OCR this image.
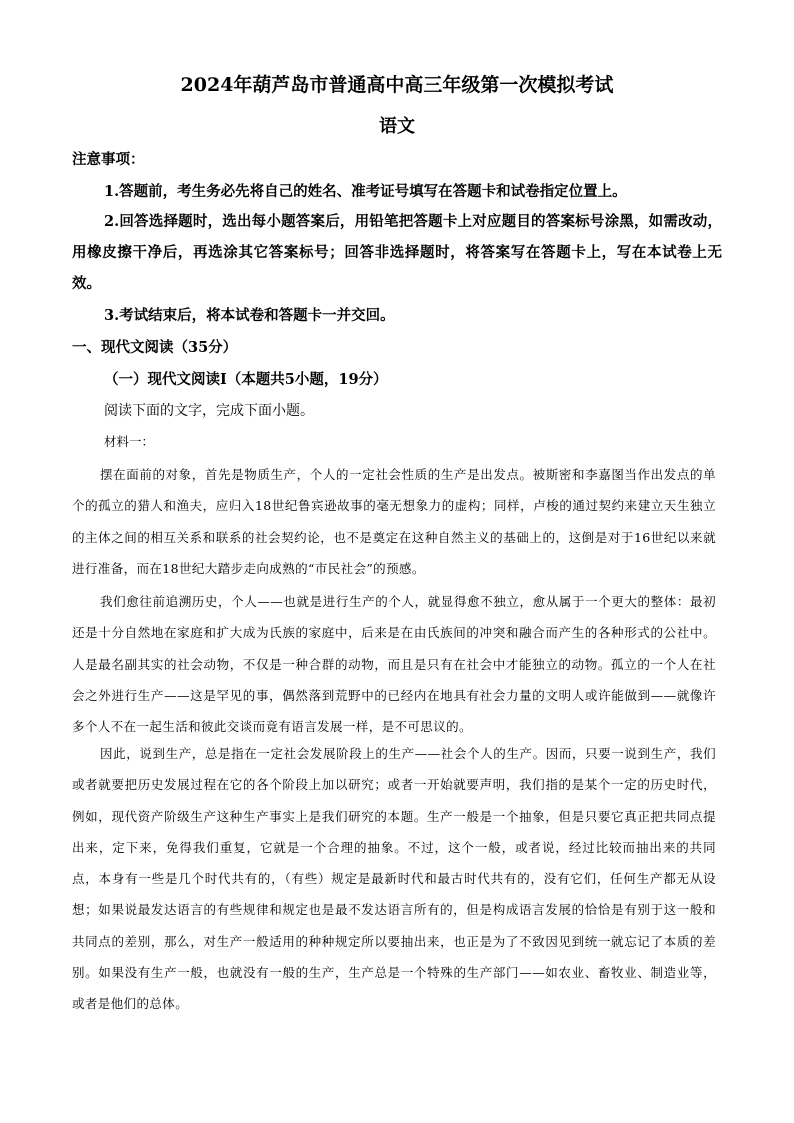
2024年葫芦岛市普通高中高三年级第一次模拟考试
语文
注意事项：
1.答题前，考生务必先将自己的姓名、准考证号填写在答题卡和试卷指定位置上。
2.回答选择题时，选出每小题答案后，用铅笔把答题卡上对应题目的答案标号涂黑，如需改动，用橡皮擦干净后，再选涂其它答案标号；回答非选择题时，将答案写在答题卡上，写在本试卷上无效。
3.考试结束后，将本试卷和答题卡一并交回。
一、现代文阅读（35分）
（一）现代文阅读Ⅰ（本题共5小题，19分）
阅读下面的文字，完成下面小题。
材料一：
摆在面前的对象，首先是物质生产，个人的一定社会性质的生产是出发点。被斯密和李嘉图当作出发点的单个的孤立的猎人和渔夫，应归入18世纪鲁宾逊故事的毫无想象力的虚构；同样，卢梭的通过契约来建立天生独立的主体之间的相互关系和联系的社会契约论，也不是奠定在这种自然主义的基础上的，这倒是对于16世纪以来就进行准备，而在18世纪大踏步走向成熟的“市民社会”的预感。
我们愈往前追溯历史，个人——也就是进行生产的个人，就显得愈不独立，愈从属于一个更大的整体：最初还是十分自然地在家庭和扩大成为氏族的家庭中，后来是在由氏族间的冲突和融合而产生的各种形式的公社中。人是最名副其实的社会动物，不仅是一种合群的动物，而且是只有在社会中才能独立的动物。孤立的一个人在社会之外进行生产——这是罕见的事，偶然落到荒野中的已经内在地具有社会力量的文明人或许能做到——就像许多个人不在一起生活和彼此交谈而竟有语言发展一样，是不可思议的。
因此，说到生产，总是指在一定社会发展阶段上的生产——社会个人的生产。因而，只要一说到生产，我们或者就要把历史发展过程在它的各个阶段上加以研究；或者一开始就要声明，我们指的是某个一定的历史时代，例如，现代资产阶级生产这种生产事实上是我们研究的本题。生产一般是一个抽象，但是只要它真正把共同点提出来，定下来，免得我们重复，它就是一个合理的抽象。不过，这个一般，或者说，经过比较而抽出来的共同点，本身有一些是几个时代共有的，（有些）规定是最新时代和最古时代共有的，没有它们，任何生产都无从设想；如果说最发达语言的有些规律和规定也是最不发达语言所有的，但是构成语言发展的恰恰是有别于这一般和共同点的差别，那么，对生产一般适用的种种规定所以要抽出来，也正是为了不致因见到统一就忘记了本质的差别。如果没有生产一般，也就没有一般的生产，生产总是一个特殊的生产部门——如农业、畜牧业、制造业等，或者是他们的总体。
